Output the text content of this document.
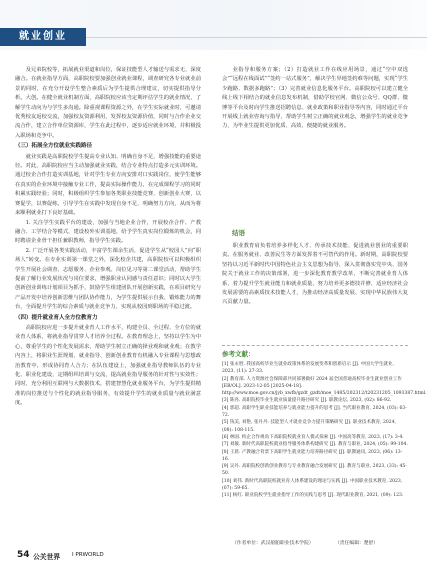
就业创业

及兄弟院校等，拓展就业渠道和岗位，保证技能型人才输送与需求无、深度融合。在就业指导方面，高职院校要加强创业就业课程，调查研究各专业就业前景的同时，在充分开设学生整合素质后为学生提供合理建议，切实提供指导分析。大创。在健全就业机制方面，高职院校应该当定期评估学生的就业情况，了解学生动向为与学生多沟通。除重视课程资源之外，在学生实际就业时，可邀请优秀校友返校交流，加强校友资源利用，发挥校友资源价值，同时与合作企业交流合作，建立合作单位资源库，学生在此过程中，逐步适应就业环境，并积极投入职场和竞争中。

（三）拓展全方位就业实践路径

就业实践是高职院校学生提高专业认知、明确自身不足、增强技能的重要途径。对此，高职院校应当主动加强就业实践，结合专业特点打造多元实训环境。通过校企合作打造实训基地，针对学生专业方向安排对口实践岗位，使学生能够在真实的企业环境中接触专业工作，提高实际操作能力，在完成课程学习的同时积累实践经验；同时，积极组织学生参加各类职业技能竞赛、创新创业大赛，以赛促学，以赛促练，引导学生在实践中发现自身不足、明确努力方向，从而为将来顺利就业打下良好基础。

1. 关注学生实践平台的建设，加强与当地企业合作，开展校企合作、产教融合、工学结合等模式，建设校外实训基地，给予学生真实岗位锻炼的机会，同时聘请企业骨干担任兼职教师，指导学生实践。

2. 广泛开展各类实践活动，丰富学生课余生活，促进学生从“校园人”向“职场人”转变。在专业实训第一课堂之外，深化校企共建，高职院校可以积极组织学生开展社会调查、志愿服务、企业参观、岗位见习等第二课堂活动，帮助学生提前了解行业发展状况与岗位要求，增强职业认同感与责任意识；同时以大学生创新创业训练计划项目为抓手，鼓励学生组建团队开展创新实践，在项目研究与产品开发中培养创新思维与团队协作能力，为学生提供展示自我、锻炼能力的舞台，全面提升学生的综合素质与就业竞争力，实现从校园到职场的平稳过渡。

（四）提升就业育人全方位教育力

高职院校应进一步提升就业育人工作水平，构建全员、全过程、全方位的就业育人体系，将就业指导贯穿人才培养全过程。在教育理念上，坚持以学生为中心，尊重学生的个性化发展需求，帮助学生树立正确的择业观和就业观；在教学内容上，将职业生涯规划、就业指导、创新创业教育有机融入专业课程与思想政治教育中，形成协同育人合力；在队伍建设上，加强就业指导教师队伍的专业化、职业化建设，定期组织培训与交流，提高就业指导服务的针对性与实效性；同时，充分利用互联网与大数据技术，搭建智慧化就业服务平台，为学生提供精准的岗位推送与个性化的就业指导服务，有效提升学生的就业质量与就业满意度。

业指导和服务方案；（2）打造就业工作在线应用场景，通过“空中双选会”“远程在线面试”“签约一站式服务”，解决学生异地签约难等问题，实现“学生少跑路、数据多跑路”；（3）完善就业信息化服务平台。高职院校可以建立健全线上线下相结合的就业信息发布机制，借助学校官网、微信公众号、QQ群、微博等平台及时向学生推送招聘信息、就业政策和职业指导等内容，同时通过平台开展线上就业咨询与指导，帮助学生树立正确的就业观念，增强学生的就业竞争力，为毕业生提供更加优质、高效、便捷的就业服务。

结语

职业教育肩负着培养多样化人才、传承技术技能、促进就业创业的重要职责。在服务就业、改善民生等方面发挥着不可替代的作用。新时期，高职院校要坚持以习近平新时代中国特色社会主义思想为指导，深入贯彻落实党中央、国务院关于就业工作的决策部署，进一步深化教育教学改革，不断完善就业育人体系，着力提升学生就业能力和就业质量，努力培养更多德技并修、适应经济社会发展需要的高素质技术技能人才，为推动经济高质量发展、实现中华民族伟大复兴贡献力量。

参考文献：
[1] 张永胜. 我国高校毕业生就业政策体系的发展变革和创新启示 [J]. 中国大学生就业, 2023, (11): 27-33.
[2] 教育部. 人力资源社会保障部共同部署做好 2024 届全国普通高校毕业生就业创业工作 [EB/OL]. 2023-12-05 [2025-04-18]. http://www.moe.gov.cn/jyb_xwfb/gzdt_gzdt/moe_1485/202312/t20231205_1093387.html.
[3] 陈亮. 高职院校毕业生就业质量提升路径研究 [J]. 职教论坛, 2023, (02): 86-92.
[4] 郭超. 高职学生职业技能培养与就业能力提升的思考 [J]. 当代职业教育, 2024, (03): 63-72.
[5] 钱美, 刘艳, 张丹丹. 技能型人才就业竞争力提升策略研究 [J]. 职业技术教育, 2024, (08): 108-115.
[6] 林国. 校企合作视角下高职院校就业育人模式探索 [J]. 中国高等教育, 2023, (17): 3-4.
[7] 刘敏. 新时代高职院校就业指导服务体系构建研究 [J]. 教育与职业, 2024, (05): 99-104.
[8] 王晨. 产教融合背景下高职学生就业能力培养路径研究 [J]. 职教通讯, 2023, (06): 13-16.
[9] 吴丹. 高职院校创新创业教育与专业教育融合发展研究 [J]. 教育与职业, 2023, (33): 45-50.
[10] 刘伟. 新时代高职院校就业育人体系建设的理论与实践 [J]. 中国职业技术教育, 2023, (07): 59-65.
[11] 杨红. 职业院校学生就业指导工作的实践与思考 [J]. 现代职业教育, 2021, (09): 123.
（作者单位：武汉船舶职业技术学院）	（责任编辑：楚舒）
54 公关世界 I PRWORLD
